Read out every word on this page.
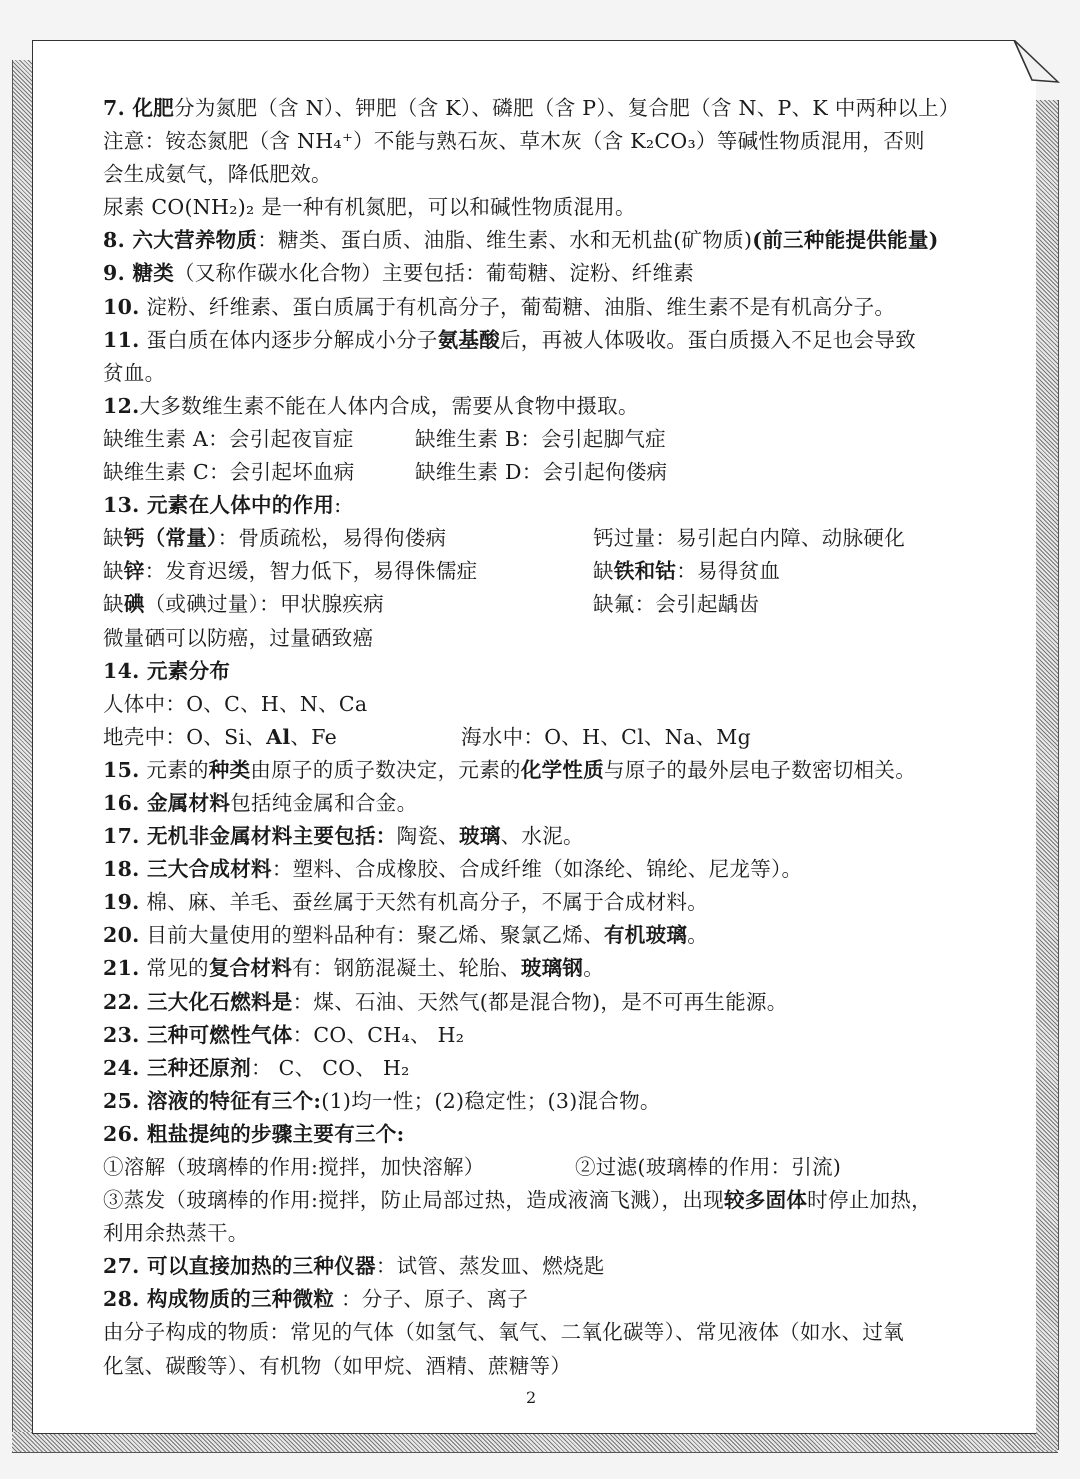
7. 化肥分为氮肥（含 N）、钾肥（含 K）、磷肥（含 P）、复合肥（含 N、P、K 中两种以上）
注意：铵态氮肥（含 NH₄⁺）不能与熟石灰、草木灰（含 K₂CO₃）等碱性物质混用，否则
会生成氨气，降低肥效。
尿素 CO(NH₂)₂ 是一种有机氮肥，可以和碱性物质混用。
8. 六大营养物质：糖类、蛋白质、油脂、维生素、水和无机盐(矿物质)(前三种能提供能量)
9. 糖类（又称作碳水化合物）主要包括：葡萄糖、淀粉、纤维素
10. 淀粉、纤维素、蛋白质属于有机高分子，葡萄糖、油脂、维生素不是有机高分子。
11. 蛋白质在体内逐步分解成小分子氨基酸后，再被人体吸收。蛋白质摄入不足也会导致
贫血。
12.大多数维生素不能在人体内合成，需要从食物中摄取。
缺维生素 A：会引起夜盲症	缺维生素 B：会引起脚气症
缺维生素 C：会引起坏血病	缺维生素 D：会引起佝偻病
13. 元素在人体中的作用:
缺钙（常量）：骨质疏松，易得佝偻病	钙过量：易引起白内障、动脉硬化
缺锌：发育迟缓，智力低下，易得侏儒症	缺铁和钴：易得贫血
缺碘（或碘过量）：甲状腺疾病	缺氟：会引起龋齿
微量硒可以防癌，过量硒致癌
14. 元素分布
人体中：O、C、H、N、Ca
地壳中：O、Si、Al、Fe	海水中：O、H、Cl、Na、Mg
15. 元素的种类由原子的质子数决定，元素的化学性质与原子的最外层电子数密切相关。
16. 金属材料包括纯金属和合金。
17. 无机非金属材料主要包括：陶瓷、玻璃、水泥。
18. 三大合成材料：塑料、合成橡胶、合成纤维（如涤纶、锦纶、尼龙等）。
19. 棉、麻、羊毛、蚕丝属于天然有机高分子，不属于合成材料。
20. 目前大量使用的塑料品种有：聚乙烯、聚氯乙烯、有机玻璃。
21. 常见的复合材料有：钢筋混凝土、轮胎、玻璃钢。
22. 三大化石燃料是：煤、石油、天然气(都是混合物)，是不可再生能源。
23. 三种可燃性气体：CO、CH₄、 H₂
24. 三种还原剂： C、 CO、 H₂
25. 溶液的特征有三个:(1)均一性；(2)稳定性；(3)混合物。
26. 粗盐提纯的步骤主要有三个:
①溶解（玻璃棒的作用:搅拌，加快溶解）	②过滤(玻璃棒的作用：引流)
③蒸发（玻璃棒的作用:搅拌，防止局部过热，造成液滴飞溅），出现较多固体时停止加热，
利用余热蒸干。
27. 可以直接加热的三种仪器：试管、蒸发皿、燃烧匙
28. 构成物质的三种微粒 ：分子、原子、离子
由分子构成的物质：常见的气体（如氢气、氧气、二氧化碳等）、常见液体（如水、过氧
化氢、碳酸等）、有机物（如甲烷、酒精、蔗糖等）
2
